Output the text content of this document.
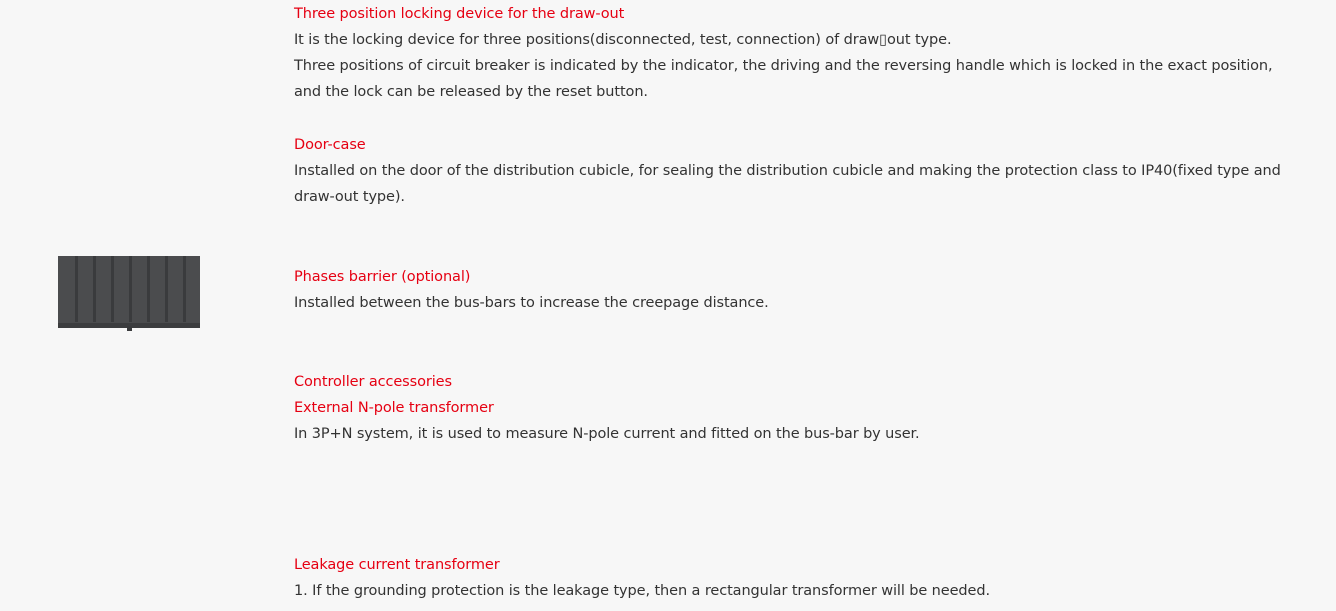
Three position locking device for the draw-out
It is the locking device for three positions(disconnected, test, connection) of draw▯out type.
Three positions of circuit breaker is indicated by the indicator, the driving and the reversing handle which is locked in the exact position, and the lock can be released by the reset button.
Door-case
Installed on the door of the distribution cubicle, for sealing the distribution cubicle and making the protection class to IP40(fixed type and draw-out type).
Phases barrier (optional)
Installed between the bus-bars to increase the creepage distance.
Controller accessories
External N-pole transformer
In 3P+N system, it is used to measure N-pole current and fitted on the bus-bar by user.
Leakage current transformer
1. If the grounding protection is the leakage type, then a rectangular transformer will be needed.
